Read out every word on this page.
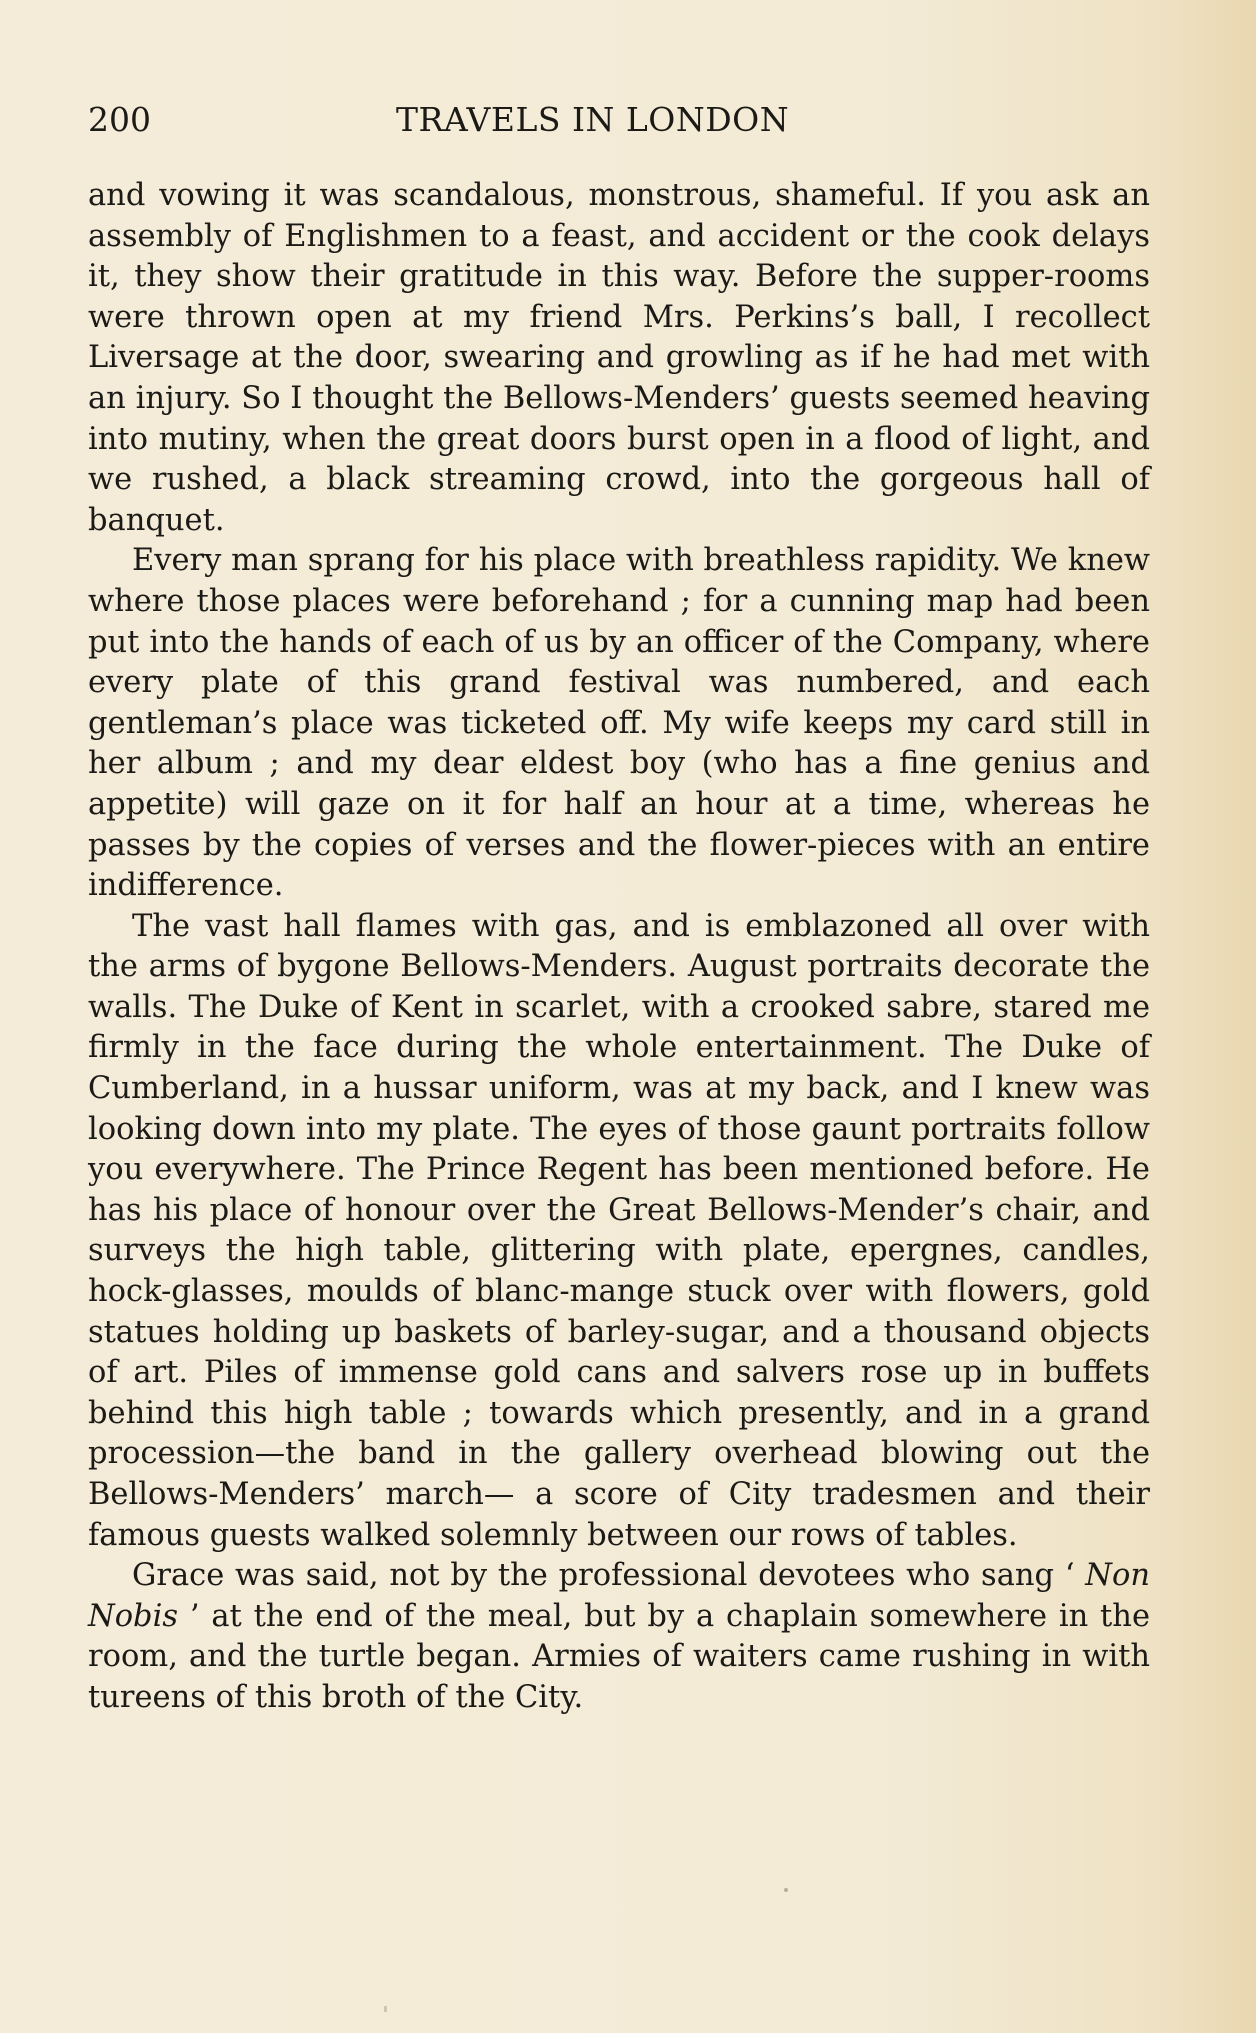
200	TRAVELS IN LONDON

and vowing it was scandalous, monstrous, shameful. If you ask an assembly of Englishmen to a feast, and accident or the cook delays it, they show their gratitude in this way. Before the supper-rooms were thrown open at my friend Mrs. Perkins’s ball, I recollect Liversage at the door, swearing and growling as if he had met with an injury. So I thought the Bellows-Menders’ guests seemed heaving into mutiny, when the great doors burst open in a flood of light, and we rushed, a black streaming crowd, into the gorgeous hall of banquet.

Every man sprang for his place with breathless rapidity. We knew where those places were beforehand ; for a cunning map had been put into the hands of each of us by an officer of the Company, where every plate of this grand festival was numbered, and each gentleman’s place was ticketed off. My wife keeps my card still in her album ; and my dear eldest boy (who has a fine genius and appetite) will gaze on it for half an hour at a time, whereas he passes by the copies of verses and the flower-pieces with an entire indifference.

The vast hall flames with gas, and is emblazoned all over with the arms of bygone Bellows-Menders. August portraits decorate the walls. The Duke of Kent in scarlet, with a crooked sabre, stared me firmly in the face during the whole entertainment. The Duke of Cumberland, in a hussar uniform, was at my back, and I knew was looking down into my plate. The eyes of those gaunt portraits follow you everywhere. The Prince Regent has been mentioned before. He has his place of honour over the Great Bellows-Mender’s chair, and surveys the high table, glittering with plate, epergnes, candles, hock-glasses, moulds of blanc-mange stuck over with flowers, gold statues holding up baskets of barley-sugar, and a thousand objects of art. Piles of immense gold cans and salvers rose up in buffets behind this high table ; towards which presently, and in a grand procession—the band in the gallery overhead blowing out the Bellows-Menders’ march— a score of City tradesmen and their famous guests walked solemnly between our rows of tables.

Grace was said, not by the professional devotees who sang ‘ Non Nobis ’ at the end of the meal, but by a chaplain somewhere in the room, and the turtle began. Armies of waiters came rushing in with tureens of this broth of the City.
